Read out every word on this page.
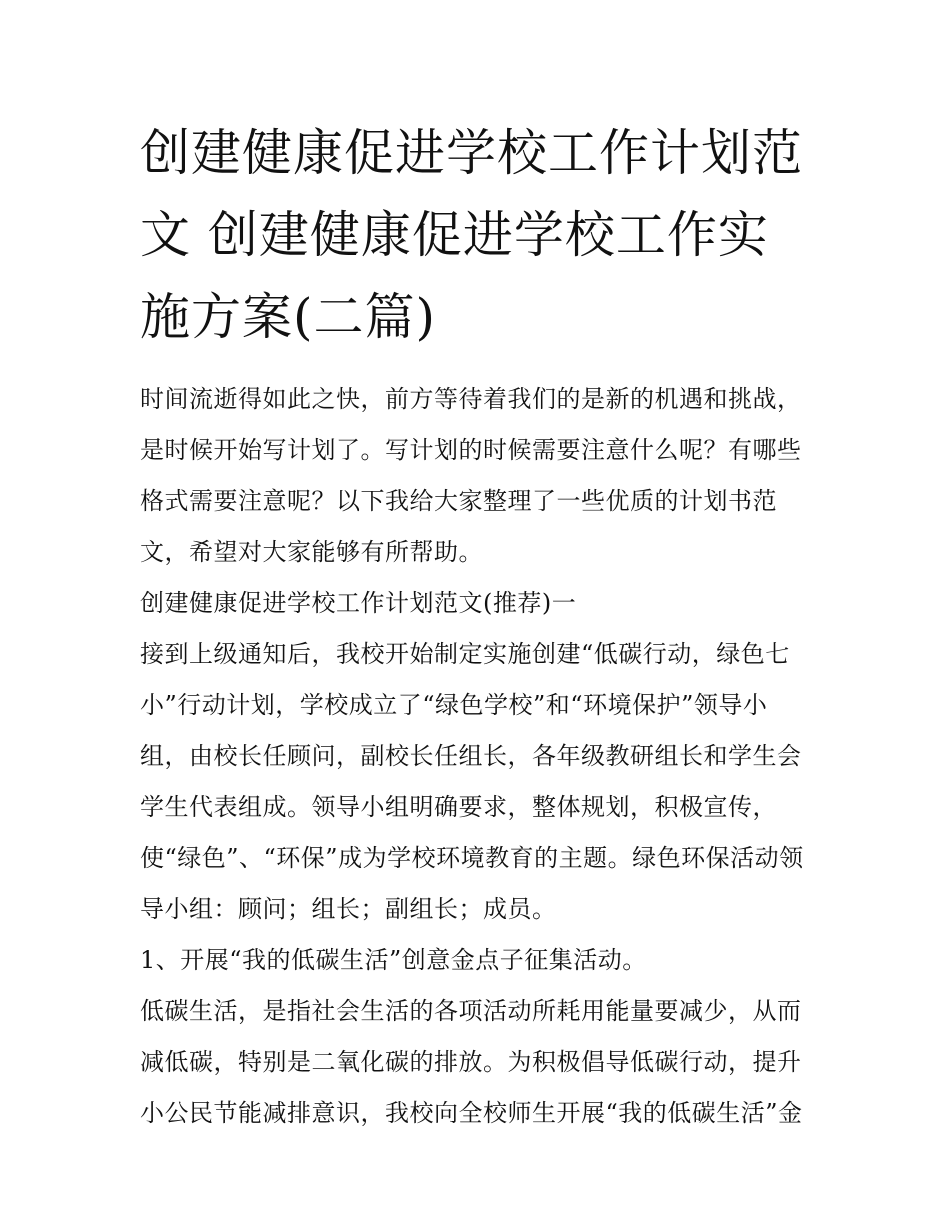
创建健康促进学校工作计划范文 创建健康促进学校工作实施方案(二篇)

时间流逝得如此之快，前方等待着我们的是新的机遇和挑战，是时候开始写计划了。写计划的时候需要注意什么呢？有哪些格式需要注意呢？以下我给大家整理了一些优质的计划书范文，希望对大家能够有所帮助。

创建健康促进学校工作计划范文(推荐)一

接到上级通知后，我校开始制定实施创建“低碳行动，绿色七小”行动计划，学校成立了“绿色学校”和“环境保护”领导小组，由校长任顾问，副校长任组长，各年级教研组长和学生会学生代表组成。领导小组明确要求，整体规划，积极宣传，使“绿色”、“环保”成为学校环境教育的主题。绿色环保活动领导小组：顾问；组长；副组长；成员。

1、开展“我的低碳生活”创意金点子征集活动。

低碳生活，是指社会生活的各项活动所耗用能量要减少，从而减低碳，特别是二氧化碳的排放。为积极倡导低碳行动，提升小公民节能减排意识，我校向全校师生开展“我的低碳生活”金
